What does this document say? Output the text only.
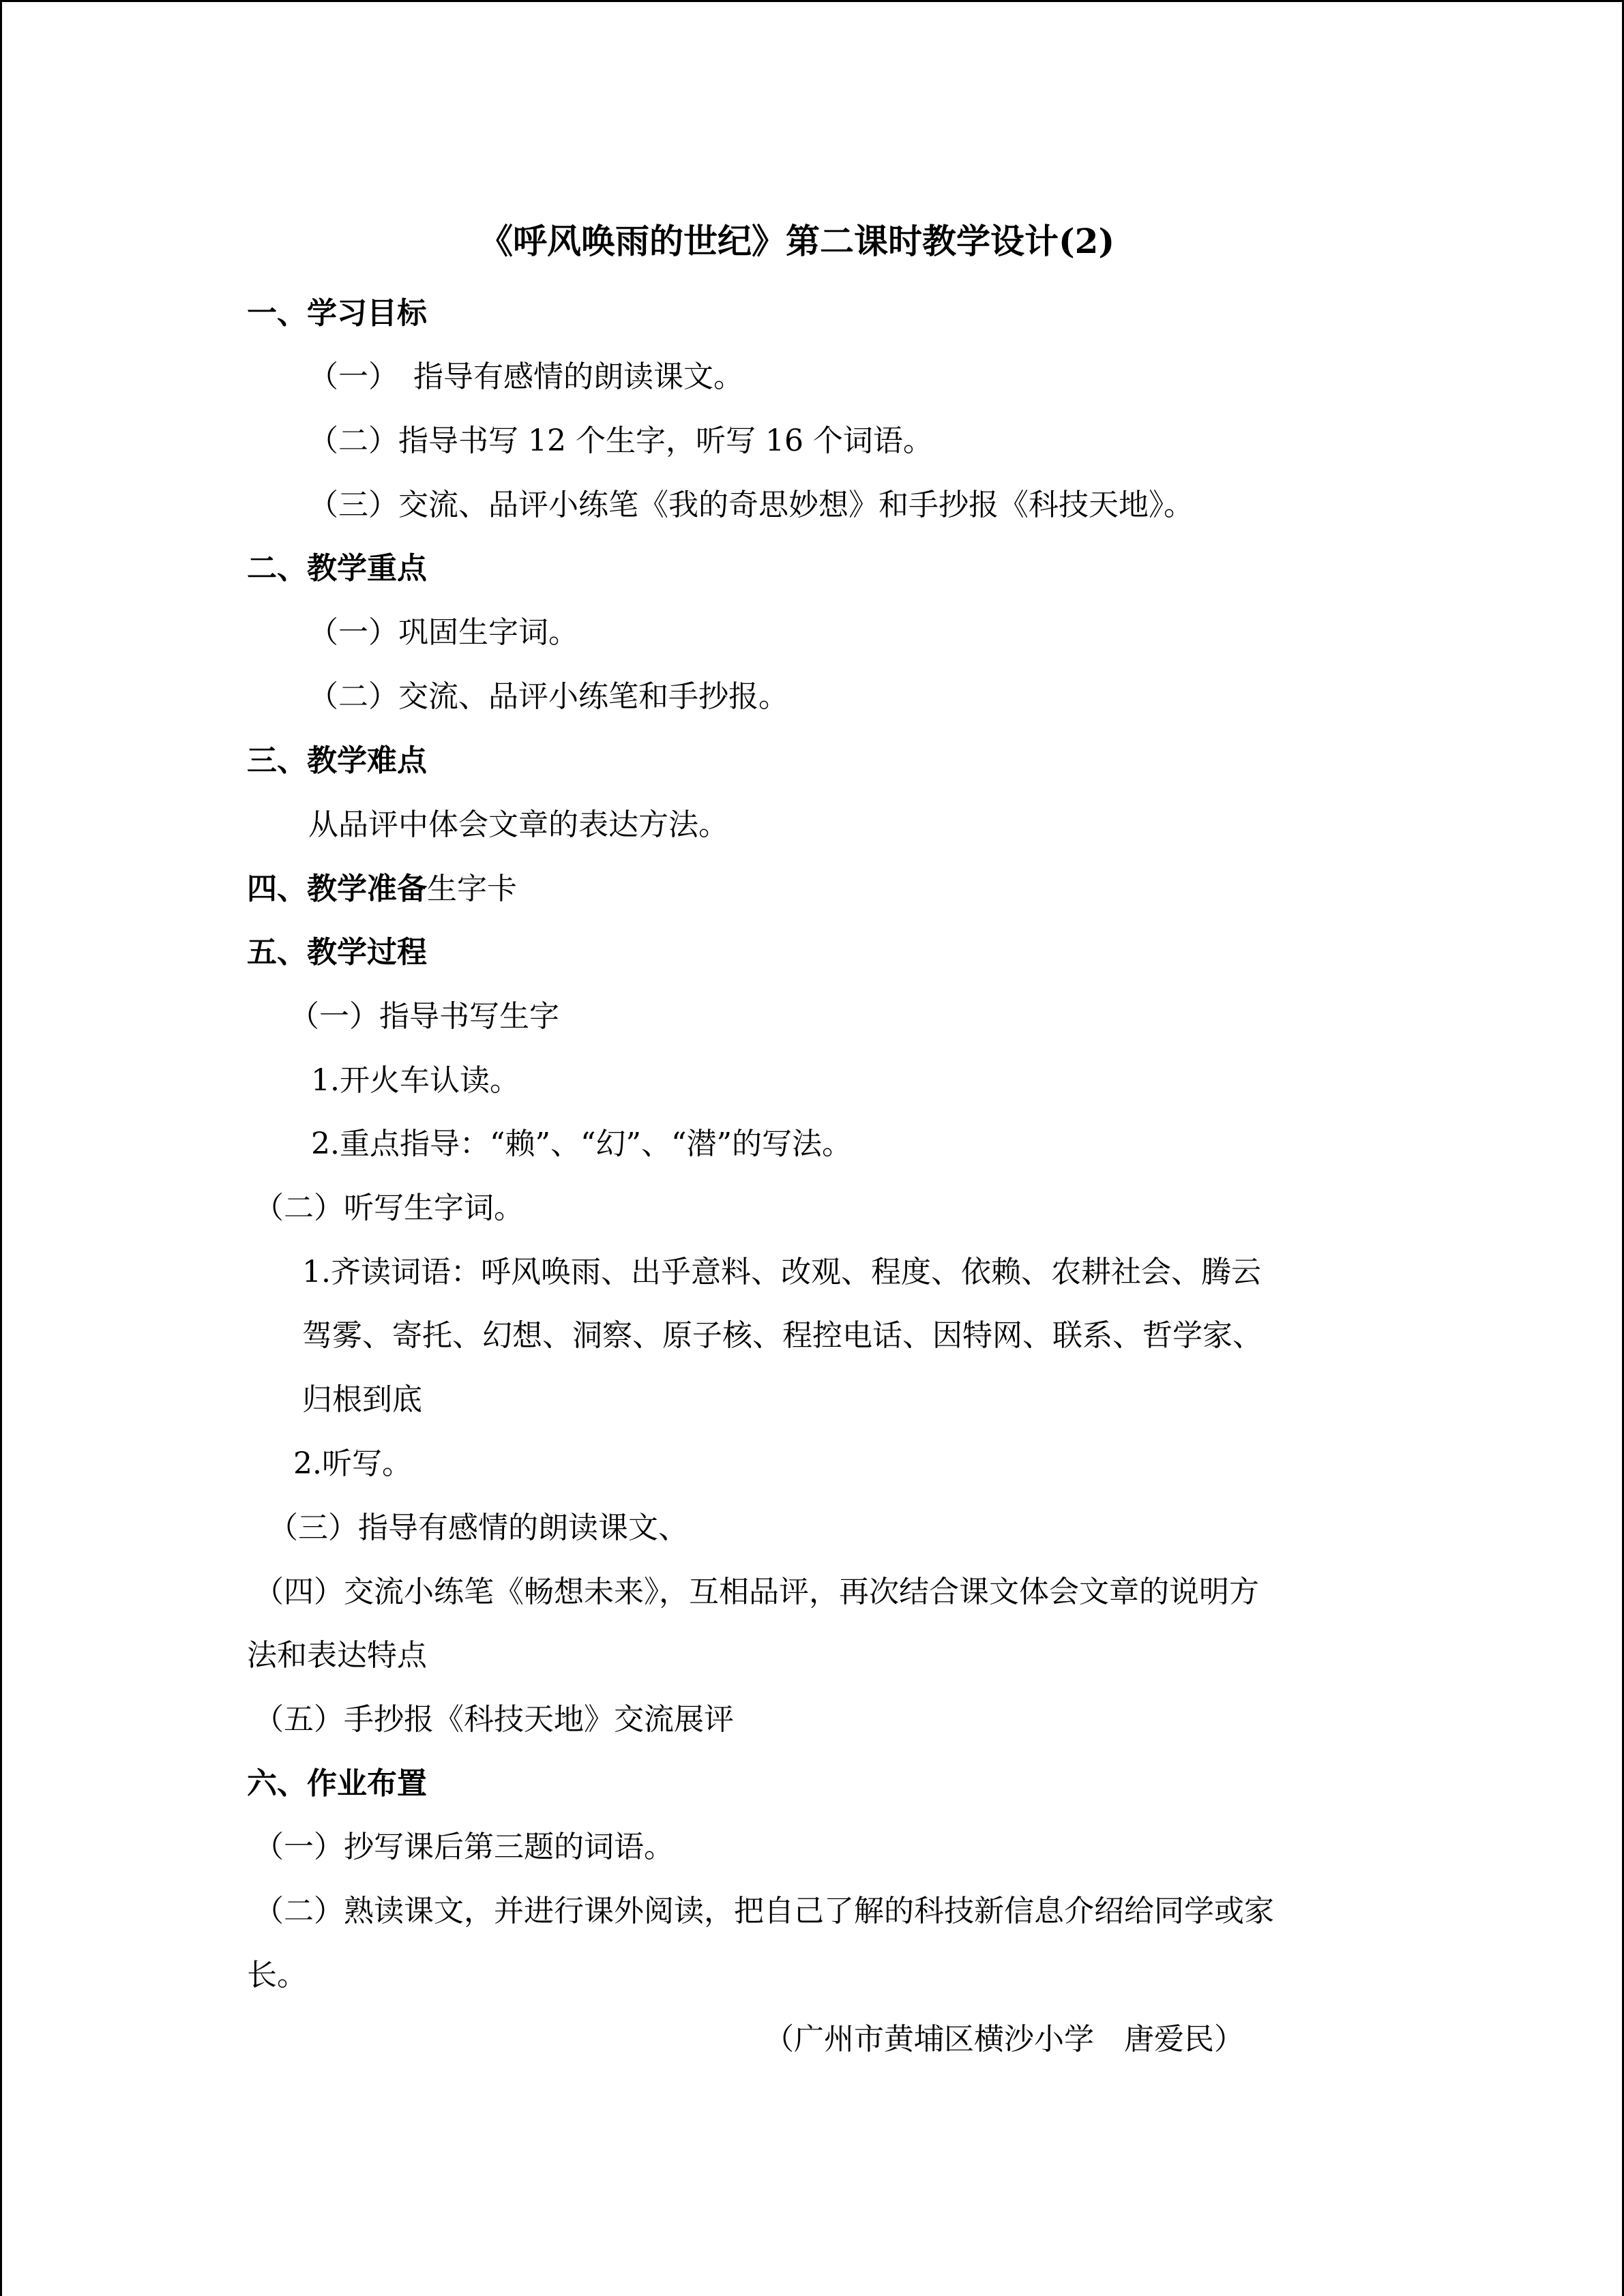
《呼风唤雨的世纪》第二课时教学设计(2)
一、学习目标
（一）　指导有感情的朗读课文。
（二）指导书写 12 个生字，听写 16 个词语。
（三）交流、品评小练笔《我的奇思妙想》和手抄报《科技天地》。
二、教学重点
（一）巩固生字词。
（二）交流、品评小练笔和手抄报。
三、教学难点
从品评中体会文章的表达方法。
四、教学准备生字卡
五、教学过程
（一）指导书写生字
1.开火车认读。
2.重点指导：“赖”、“幻”、“潜”的写法。
（二）听写生字词。
1.齐读词语：呼风唤雨、出乎意料、改观、程度、依赖、农耕社会、腾云
驾雾、寄托、幻想、洞察、原子核、程控电话、因特网、联系、哲学家、
归根到底
2.听写。
（三）指导有感情的朗读课文、
（四）交流小练笔《畅想未来》，互相品评，再次结合课文体会文章的说明方
法和表达特点
（五）手抄报《科技天地》交流展评
六、作业布置
（一）抄写课后第三题的词语。
（二）熟读课文，并进行课外阅读，把自己了解的科技新信息介绍给同学或家
长。
（广州市黄埔区横沙小学　唐爱民）
